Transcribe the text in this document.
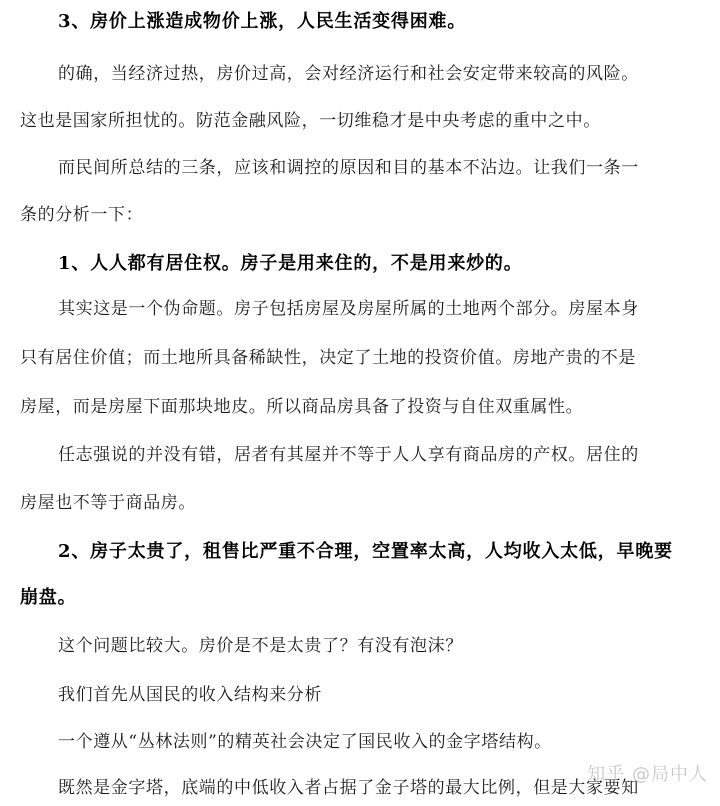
3、房价上涨造成物价上涨，人民生活变得困难。
的确，当经济过热，房价过高，会对经济运行和社会安定带来较高的风险。
这也是国家所担忧的。防范金融风险，一切维稳才是中央考虑的重中之中。
而民间所总结的三条，应该和调控的原因和目的基本不沾边。让我们一条一
条的分析一下：
1、人人都有居住权。房子是用来住的，不是用来炒的。
其实这是一个伪命题。房子包括房屋及房屋所属的土地两个部分。房屋本身
只有居住价值；而土地所具备稀缺性，决定了土地的投资价值。房地产贵的不是
房屋，而是房屋下面那块地皮。所以商品房具备了投资与自住双重属性。
任志强说的并没有错，居者有其屋并不等于人人享有商品房的产权。居住的
房屋也不等于商品房。
2、房子太贵了，租售比严重不合理，空置率太高，人均收入太低，早晚要
崩盘。
这个问题比较大。房价是不是太贵了？有没有泡沫？
我们首先从国民的收入结构来分析
一个遵从“丛林法则”的精英社会决定了国民收入的金字塔结构。
既然是金字塔，底端的中低收入者占据了金子塔的最大比例，但是大家要知
知乎 @局中人
